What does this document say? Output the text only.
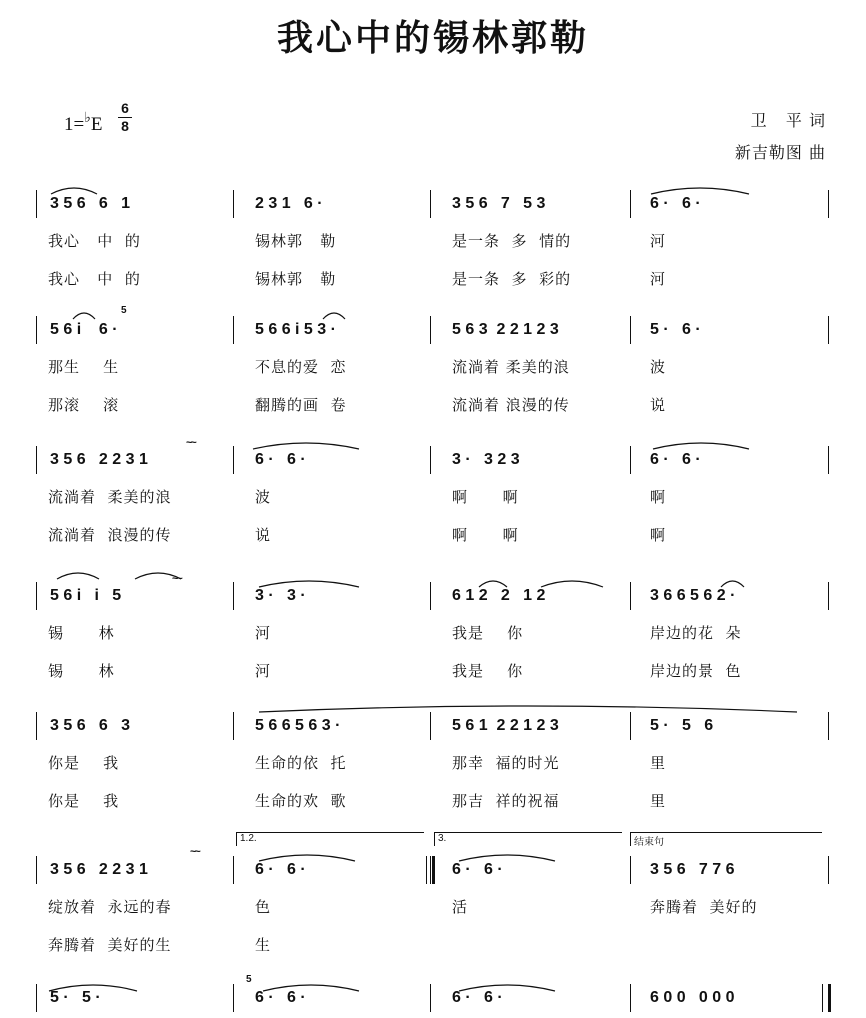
我心中的锡林郭勒
1=♭E
6
8	卫   平 词
新吉勒图 曲
3 5 6   6   1	2 3 1   6 ·	3 5 6   7   5 3	6 ·   6 ·
我心   中  的	锡林郭   勒	是一条  多  情的	河
我心   中  的	锡林郭   勒	是一条  多  彩的	河
5 6 i    6 ·	5 6 6 i 5 3 ·	5 6 3  2 2 1 2 3	5 ·   6 ·
那生    生	不息的爱  恋	流淌着 柔美的浪	波
那滚    滚	翻腾的画  卷	流淌着 浪漫的传	说
3 5 6   2 2 3 1	6 ·   6 ·	3 ·   3 2 3	6 ·   6 ·
流淌着  柔美的浪	波	啊      啊	啊
流淌着  浪漫的传	说	啊      啊	啊
5 6 i   i   5	3 ·   3 ·	6 1 2   2   1 2	3 6 6 5 6 2 ·
锡      林	河	我是    你	岸边的花  朵
锡      林	河	我是    你	岸边的景  色
3 5 6   6   3	5 6 6 5 6 3 ·	5 6 1  2 2 1 2 3	5 ·   5   6
你是    我	生命的依  托	那幸  福的时光	里
你是    我	生命的欢  歌	那吉  祥的祝福	里
3 5 6   2 2 3 1	6 ·   6 ·	6 ·   6 ·	3 5 6   7 7 6
绽放着  永远的春	色	活	奔腾着  美好的
奔腾着  美好的生	生
5 ·   5 ·	6 ·   6 ·	6 ·   6 ·	6 0 0   0 0 0
5
5
~~
~~
~~
1.2.	3.	结束句
